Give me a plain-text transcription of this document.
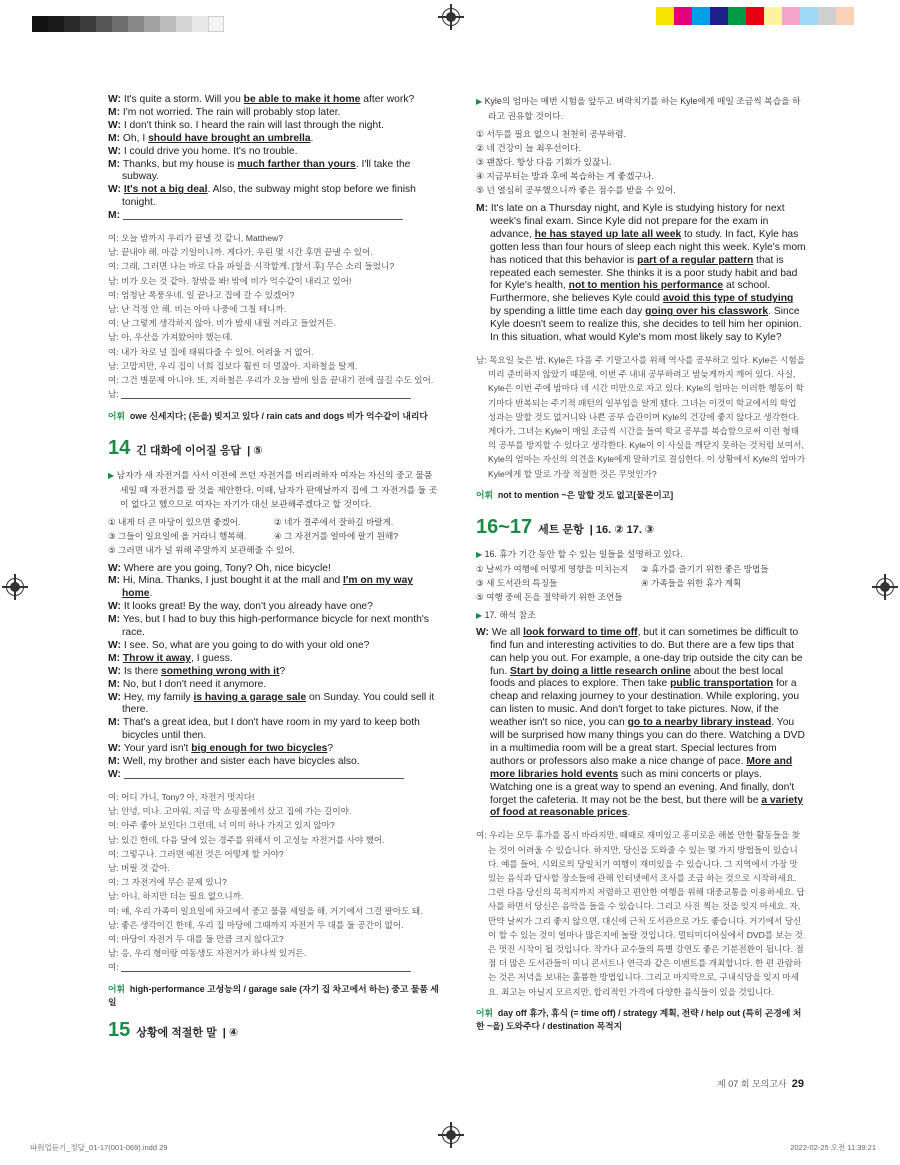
W: It's quite a storm. Will you be able to make it home after work?
M: I'm not worried. The rain will probably stop later.
W: I don't think so. I heard the rain will last through the night.
M: Oh, I should have brought an umbrella.
W: I could drive you home. It's no trouble.
M: Thanks, but my house is much farther than yours. I'll take the subway.
W: It's not a big deal. Also, the subway might stop before we finish tonight.
M:
여: 오늘 밤까지 우리가 끝낼 것 같니, Matthew?
남: 끝내야 해. 마감 기일이니까. 게다가, 우린 몇 시간 후면 끝낼 수 있어.
여: 그래, 그러면 나는 바로 다음 파일을 시작할게. [창서 후] 무슨 소리 들었니?
남: 비가 오는 것 같아. 창밖을 봐! 밖에 비가 억수같이 내리고 있어!
여: 엄청난 폭풍우네. 일 끝나고 집에 갈 수 있겠어?
남: 난 걱정 안 해. 비는 아마 나중에 그칠 테니까.
여: 난 그렇게 생각하지 않아. 비가 밤새 내릴 거라고 들었거든.
남: 아, 우산을 가져왔어야 했는데.
여: 내가 차로 널 집에 태워다줄 수 있어. 어려울 거 없어.
남: 고맙지만, 우리 집이 너희 집보다 훨씬 더 멀잖아. 지하철을 탈게.
여: 그건 별문제 아니야. 또, 지하철은 우리가 오늘 밤에 일을 끝내기 전에 끊길 수도 있어.
남:
어휘 owe 신세지다; (돈을) 빚지고 있다 / rain cats and dogs 비가 억수같이 내리다
14 긴 대화에 이어질 응답 | ⑤
▶ 남자가 새 자전거를 사서 이전에 쓰던 자전거를 버리려하자 여자는 자신의 중고 물품 세일 때 자전거를 팔 것을 제안한다. 이때, 남자가 판매날까지 집에 그 자전거를 둘 곳이 없다고 했으므로 여자는 자기가 대신 보관해주겠다고 할 것이다.
① 내게 더 큰 마당이 있으면 좋겠어.	② 네가 결주에서 잘하길 바랄게.
③ 그들이 일요일에 올 거라니 행복해.	④ 그 자전거를 얼마에 팔기 원해?
⑤ 그러면 내가 널 위해 주말까지 보관해줄 수 있어.
W: Where are you going, Tony? Oh, nice bicycle!
M: Hi, Mina. Thanks, I just bought it at the mall and I'm on my way home.
W: It looks great! By the way, don't you already have one?
M: Yes, but I had to buy this high-performance bicycle for next month's race.
W: I see. So, what are you going to do with your old one?
M: Throw it away, I guess.
W: Is there something wrong with it?
M: No, but I don't need it anymore.
W: Hey, my family is having a garage sale on Sunday. You could sell it there.
M: That's a great idea, but I don't have room in my yard to keep both bicycles until then.
W: Your yard isn't big enough for two bicycles?
M: Well, my brother and sister each have bicycles also.
W:
여: 어디 가니, Tony? 아, 자전거 멋지다!
남: 안녕, 미나. 고마워, 지금 막 쇼핑몰에서 샀고 집에 가는 길이야.
여: 아주 좋아 보인다! 그런데, 너 이미 하나 가지고 있지 않아?
남: 있긴 한데, 다음 달에 있는 경주를 위해서 이 고성능 자전거를 사야 했어.
여: 그렇구나. 그러면 예전 것은 어떻게 할 거야?
남: 버릴 것 같아.
여: 그 자전거에 무슨 문제 있니?
남: 아니, 하지만 더는 필요 없으니까.
여: 얘, 우리 가족이 일요일에 차고에서 중고 물품 세일을 해. 거기에서 그걸 팔아도 돼.
남: 좋은 생각이긴 한데, 우리 집 마당에 그때까지 자전거 두 대를 둘 공간이 없어.
여: 마당이 자전거 두 대를 둘 만큼 크지 않다고?
남: 응, 우리 형이랑 여동생도 자전거가 하나씩 있거든.
여:
어휘 high-performance 고성능의 / garage sale (자기 집 차고에서 하는) 중고 물품 세일
15 상황에 적절한 말 | ④
▶ Kyle의 엄마는 매번 시험을 앞두고 벼락치기를 하는 Kyle에게 매일 조금씩 복습을 하라고 권유할 것이다.
① 서두를 필요 없으니 천천히 공부하렴.
② 네 건강이 늘 최우선이다.
③ 괜찮다. 항상 다음 기회가 있잖니.
④ 지금부터는 방과 후에 복습하는 게 좋겠구나.
⑤ 넌 열심히 공부했으니까 좋은 점수를 받을 수 있어.
M: It's late on a Thursday night, and Kyle is studying history for next week's final exam. Since Kyle did not prepare for the exam in advance, he has stayed up late all week to study. In fact, Kyle has gotten less than four hours of sleep each night this week. Kyle's mom has noticed that this behavior is part of a regular pattern that is repeated each semester. She thinks it is a poor study habit and bad for Kyle's health, not to mention his performance at school. Furthermore, she believes Kyle could avoid this type of studying by spending a little time each day going over his classwork. Since Kyle doesn't seem to realize this, she decides to tell him her opinion. In this situation, what would Kyle's mom most likely say to Kyle?
남: 목요일 늦은 밤, Kyle은 다음 주 기말고사를 위해 역사를 공부하고 있다. Kyle은 시험을 미리 준비하지 않았기 때문에, 이번 주 내내 공부하려고 밤늦게까지 깨어 있다. 사실, Kyle은 이번 주에 밤마다 네 시간 미만으로 자고 있다. Kyle의 엄마는 이러한 행동이 학기마다 반복되는 주기적 패턴의 일부임을 알게 됐다. 그녀는 이것이 학교에서의 학업 성과는 말할 것도 없거니와 나쁜 공부 습관이며 Kyle의 건강에 좋지 않다고 생각한다. 게다가, 그녀는 Kyle이 매일 조금씩 시간을 들여 학교 공부를 복습함으로써 이런 형태의 공부를 방지할 수 있다고 생각한다. Kyle이 이 사실을 깨닫지 못하는 것처럼 보여서, Kyle의 엄마는 자신의 의견을 Kyle에게 말하기로 결심한다. 이 상황에서 Kyle의 엄마가 Kyle에게 할 말로 가장 적절한 것은 무엇인가?
어휘 not to mention ~은 말할 것도 없고[물론이고]
16~17 세트 문항 | 16. ② 17. ③
▶ 16. 휴가 기간 동안 할 수 있는 일들을 설명하고 있다.
① 날씨가 여행에 어떻게 영향을 미치는지	② 휴가를 즐기기 위한 좋은 방법들
③ 새 도서관의 특징들	④ 가족들을 위한 휴가 계획
⑤ 여행 중에 돈을 절약하기 위한 조언들
▶ 17. 해석 참조
W: We all look forward to time off, but it can sometimes be difficult to find fun and interesting activities to do. But there are a few tips that can help you out. For example, a one-day trip outside the city can be fun. Start by doing a little research online about the best local foods and places to explore. Then take public transportation for a cheap and relaxing journey to your destination. While exploring, you can listen to music. And don't forget to take pictures. Now, if the weather isn't so nice, you can go to a nearby library instead. You will be surprised how many things you can do there. Watching a DVD in a multimedia room will be a great start. Special lectures from authors or professors also make a nice change of pace. More and more libraries hold events such as mini concerts or plays. Watching one is a great way to spend an evening. And finally, don't forget the cafeteria. It may not be the best, but there will be a variety of food at reasonable prices.
여: 우리는 모두 휴가를 몹시 바라지만, 때때로 재미있고 흥미로운 해볼 만한 활동들을 찾는 것이 어려울 수 있습니다. 하지만, 당신을 도와줄 수 있는 몇 가지 방법들이 있습니다. 예를 들어, 시외로의 당일치기 여행이 재미있을 수 있습니다. 그 지역에서 가장 맛있는 음식과 답사할 장소들에 관해 인터넷에서 조사를 조금 하는 것으로 시작하세요. 그런 다음 당신의 목적지까지 저렴하고 편안한 여행을 위해 대중교통을 이용하세요. 답사를 하면서 당신은 음악을 들을 수 있습니다. 그리고 사진 찍는 것을 잊지 마세요. 자, 만약 날씨가 그리 좋지 않으면, 대신에 근처 도서관으로 가도 좋습니다. 거기에서 당신이 할 수 있는 것이 얼마나 많은지에 놀랄 것입니다. 멀티미디어실에서 DVD를 보는 것은 멋진 시작이 될 것입니다. 작가나 교수들의 특별 강연도 좋은 기분전환이 됩니다. 점점 더 많은 도서관들이 미니 콘서트나 연극과 같은 이벤트를 개최합니다. 한 편 관람하는 것은 저녁을 보내는 훌륭한 방법입니다. 그리고 마지막으로, 구내식당을 잊지 마세요. 최고는 아닐지 모르지만, 합리적인 가격에 다양한 음식들이 있을 것입니다.
어휘 day off 휴가, 휴식 (= time off) / strategy 계획, 전략 / help out (특히 곤경에 처한 ~을) 도와주다 / destination 목적지
제 07 회 모의고사 29
파워업듣기_정답_01-17(001-069).indd 29	2022-02-25 오전 11:39:21
